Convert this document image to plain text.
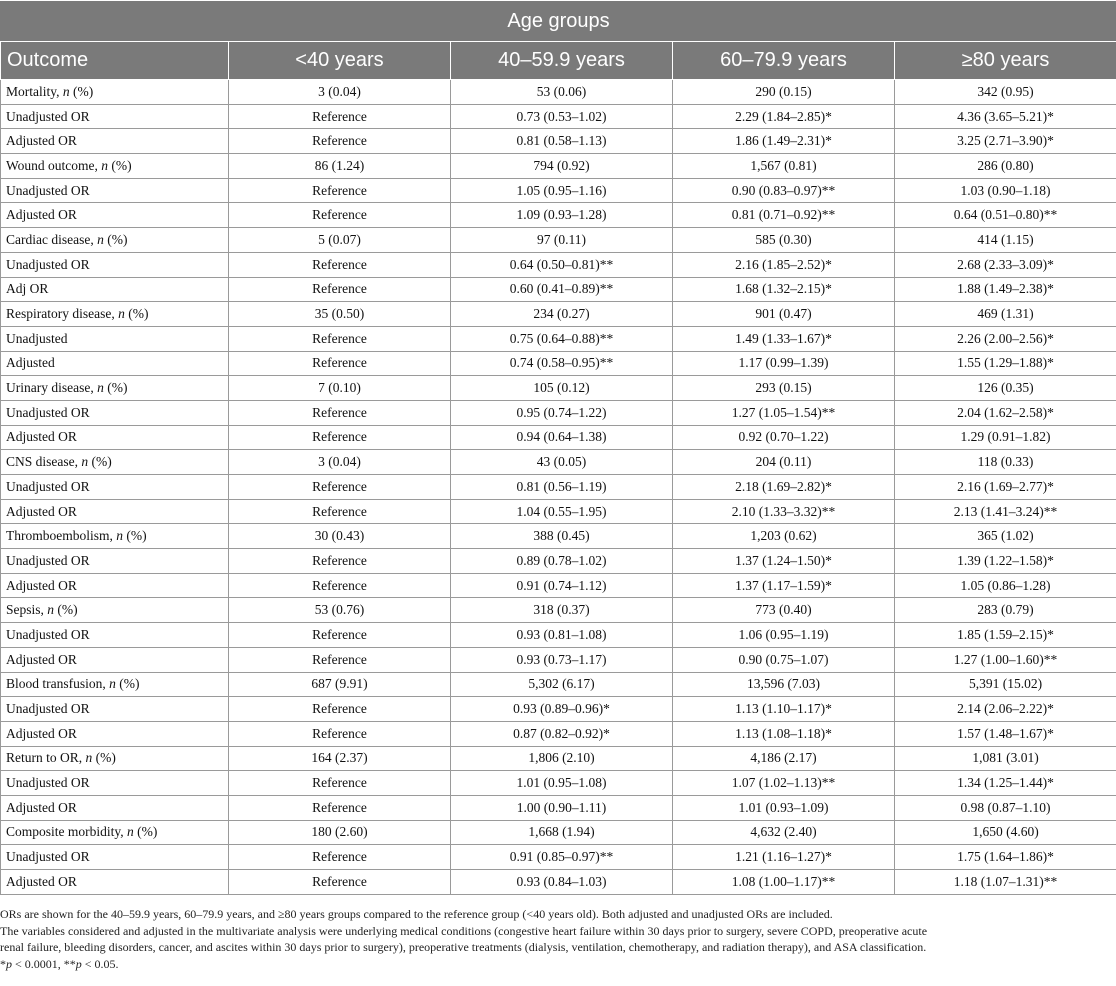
Age groups				
Outcome	<40 years	40–59.9 years	60–79.9 years	≥80 years
Mortality, n (%)	3 (0.04)	53 (0.06)	290 (0.15)	342 (0.95)
Unadjusted OR	Reference	0.73 (0.53–1.02)	2.29 (1.84–2.85)*	4.36 (3.65–5.21)*
Adjusted OR	Reference	0.81 (0.58–1.13)	1.86 (1.49–2.31)*	3.25 (2.71–3.90)*
Wound outcome, n (%)	86 (1.24)	794 (0.92)	1,567 (0.81)	286 (0.80)
Unadjusted OR	Reference	1.05 (0.95–1.16)	0.90 (0.83–0.97)**	1.03 (0.90–1.18)
Adjusted OR	Reference	1.09 (0.93–1.28)	0.81 (0.71–0.92)**	0.64 (0.51–0.80)**
Cardiac disease, n (%)	5 (0.07)	97 (0.11)	585 (0.30)	414 (1.15)
Unadjusted OR	Reference	0.64 (0.50–0.81)**	2.16 (1.85–2.52)*	2.68 (2.33–3.09)*
Adj OR	Reference	0.60 (0.41–0.89)**	1.68 (1.32–2.15)*	1.88 (1.49–2.38)*
Respiratory disease, n (%)	35 (0.50)	234 (0.27)	901 (0.47)	469 (1.31)
Unadjusted	Reference	0.75 (0.64–0.88)**	1.49 (1.33–1.67)*	2.26 (2.00–2.56)*
Adjusted	Reference	0.74 (0.58–0.95)**	1.17 (0.99–1.39)	1.55 (1.29–1.88)*
Urinary disease, n (%)	7 (0.10)	105 (0.12)	293 (0.15)	126 (0.35)
Unadjusted OR	Reference	0.95 (0.74–1.22)	1.27 (1.05–1.54)**	2.04 (1.62–2.58)*
Adjusted OR	Reference	0.94 (0.64–1.38)	0.92 (0.70–1.22)	1.29 (0.91–1.82)
CNS disease, n (%)	3 (0.04)	43 (0.05)	204 (0.11)	118 (0.33)
Unadjusted OR	Reference	0.81 (0.56–1.19)	2.18 (1.69–2.82)*	2.16 (1.69–2.77)*
Adjusted OR	Reference	1.04 (0.55–1.95)	2.10 (1.33–3.32)**	2.13 (1.41–3.24)**
Thromboembolism, n (%)	30 (0.43)	388 (0.45)	1,203 (0.62)	365 (1.02)
Unadjusted OR	Reference	0.89 (0.78–1.02)	1.37 (1.24–1.50)*	1.39 (1.22–1.58)*
Adjusted OR	Reference	0.91 (0.74–1.12)	1.37 (1.17–1.59)*	1.05 (0.86–1.28)
Sepsis, n (%)	53 (0.76)	318 (0.37)	773 (0.40)	283 (0.79)
Unadjusted OR	Reference	0.93 (0.81–1.08)	1.06 (0.95–1.19)	1.85 (1.59–2.15)*
Adjusted OR	Reference	0.93 (0.73–1.17)	0.90 (0.75–1.07)	1.27 (1.00–1.60)**
Blood transfusion, n (%)	687 (9.91)	5,302 (6.17)	13,596 (7.03)	5,391 (15.02)
Unadjusted OR	Reference	0.93 (0.89–0.96)*	1.13 (1.10–1.17)*	2.14 (2.06–2.22)*
Adjusted OR	Reference	0.87 (0.82–0.92)*	1.13 (1.08–1.18)*	1.57 (1.48–1.67)*
Return to OR, n (%)	164 (2.37)	1,806 (2.10)	4,186 (2.17)	1,081 (3.01)
Unadjusted OR	Reference	1.01 (0.95–1.08)	1.07 (1.02–1.13)**	1.34 (1.25–1.44)*
Adjusted OR	Reference	1.00 (0.90–1.11)	1.01 (0.93–1.09)	0.98 (0.87–1.10)
Composite morbidity, n (%)	180 (2.60)	1,668 (1.94)	4,632 (2.40)	1,650 (4.60)
Unadjusted OR	Reference	0.91 (0.85–0.97)**	1.21 (1.16–1.27)*	1.75 (1.64–1.86)*
Adjusted OR	Reference	0.93 (0.84–1.03)	1.08 (1.00–1.17)**	1.18 (1.07–1.31)**
ORs are shown for the 40–59.9 years, 60–79.9 years, and ≥80 years groups compared to the reference group (<40 years old). Both adjusted and unadjusted ORs are included.
The variables considered and adjusted in the multivariate analysis were underlying medical conditions (congestive heart failure within 30 days prior to surgery, severe COPD, preoperative acute
renal failure, bleeding disorders, cancer, and ascites within 30 days prior to surgery), preoperative treatments (dialysis, ventilation, chemotherapy, and radiation therapy), and ASA classification.
*p < 0.0001, **p < 0.05.
